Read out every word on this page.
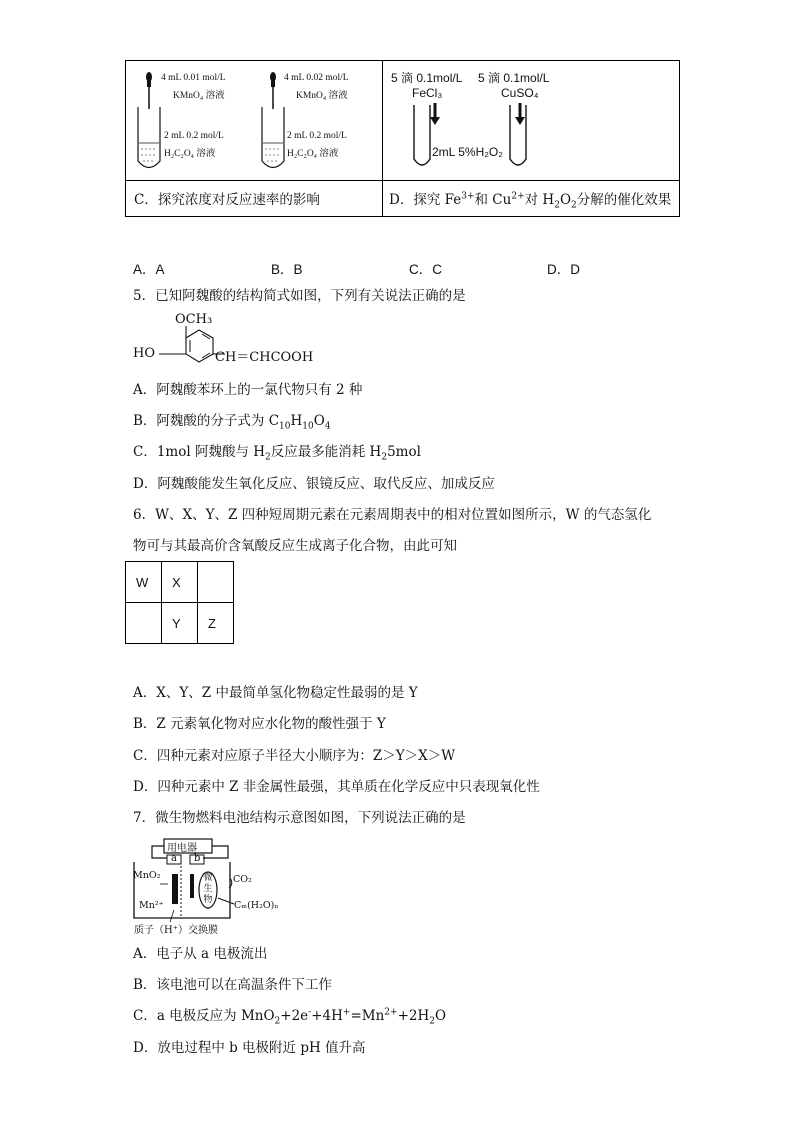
4 mL 0.01 mol/L
KMnO₄ 溶液
2 mL 0.2 mol/L
H₂C₂O₄ 溶液
4 mL 0.02 mol/L
KMnO₄ 溶液
2 mL 0.2 mol/L
H₂C₂O₄ 溶液
5 滴 0.1mol/L 5 滴 0.1mol/L
FeCl₃	CuSO₄
2mL 5%H₂O₂
C．探究浓度对反应速率的影响	D．探究 $Fe^{3+}$和 $Cu^{2+}$对 $H_2O_2$分解的催化效果
A．A	B．B	C．C	D．D
5．已知阿魏酸的结构简式如图，下列有关说法正确的是
OCH₃
HO	CH＝CHCOOH
A．阿魏酸苯环上的一氯代物只有 2 种
B．阿魏酸的分子式为 $C_{10}H_{10}O_4$
C．1mol 阿魏酸与 $H_2$反应最多能消耗 $H_25mol$
D．阿魏酸能发生氧化反应、银镜反应、取代反应、加成反应
6．W、X、Y、Z 四种短周期元素在元素周期表中的相对位置如图所示，W 的气态氢化
物可与其最高价含氧酸反应生成离子化合物，由此可知
W	X	
	Y	Z
A．X、Y、Z 中最简单氢化物稳定性最弱的是 Y
B．Z 元素氧化物对应水化物的酸性强于 Y
C．四种元素对应原子半径大小顺序为：Z＞Y＞X＞W
D．四种元素中 Z 非金属性最强，其单质在化学反应中只表现氧化性
7．微生物燃料电池结构示意图如图，下列说法正确的是
用电器
a b
MnO₂
Mn²⁺
微生物
CO₂
Cₘ(H₂O)ₙ
质子（H⁺）交换膜
A．电子从 a 电极流出
B．该电池可以在高温条件下工作
C．a 电极反应为 $MnO_2+2e^-+4H^+=Mn^{2+}+2H_2O$
D．放电过程中 b 电极附近 pH 值升高
